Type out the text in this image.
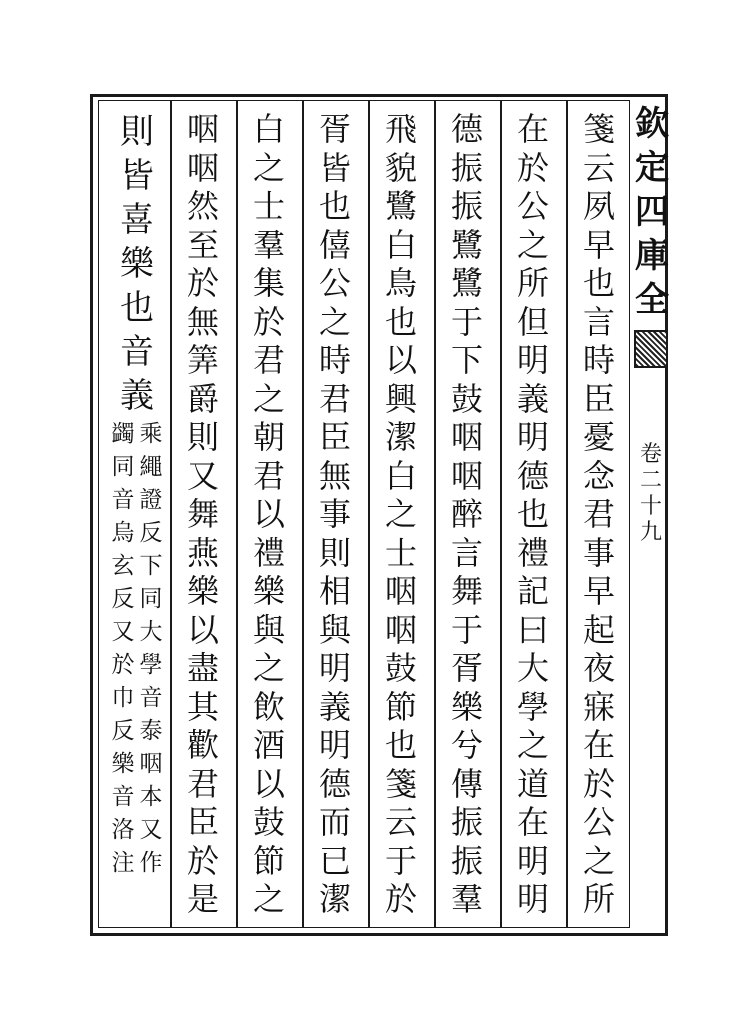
欽
定
四
庫
全
卷
二
十
九
箋
云
夙
早
也
言
時
臣
憂
念
君
事
早
起
夜
寐
在
於
公
之
所
在
於
公
之
所
但
明
義
明
德
也
禮
記
曰
大
學
之
道
在
明
明
德
振
振
鷺
鷺
于
下
鼓
咽
咽
醉
言
舞
于
胥
樂
兮
傳
振
振
羣
飛
貌
鷺
白
鳥
也
以
興
潔
白
之
士
咽
咽
鼓
節
也
箋
云
于
於
胥
皆
也
僖
公
之
時
君
臣
無
事
則
相
與
明
義
明
德
而
已
潔
白
之
士
羣
集
於
君
之
朝
君
以
禮
樂
與
之
飲
酒
以
鼓
節
之
咽
咽
然
至
於
無
筭
爵
則
又
舞
燕
樂
以
盡
其
歡
君
臣
於
是
則
皆
喜
樂
也
音
義
蠲
同
音
烏
玄
反
又
於
巾
反
樂
音
洛
注
乘
繩
證
反
下
同
大
學
音
泰
咽
本
又
作
